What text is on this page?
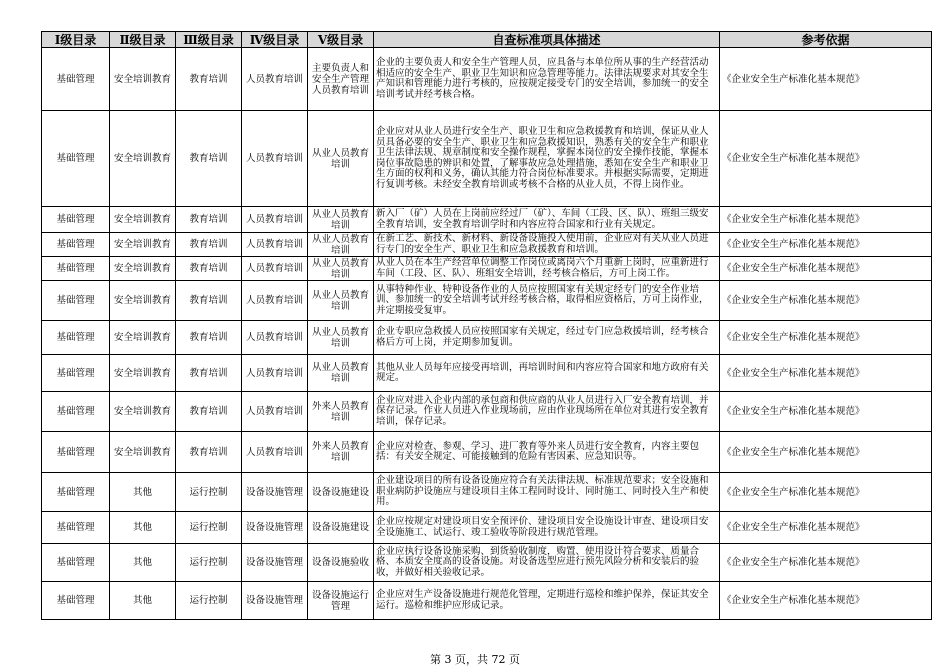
Ⅰ级目录	Ⅱ级目录	Ⅲ级目录	Ⅳ级目录	Ⅴ级目录	自查标准项具体描述	参考依据
基础管理	安全培训教育	教育培训	人员教育培训	主要负责人和安全生产管理人员教育培训	企业的主要负责人和安全生产管理人员，应具备与本单位所从事的生产经营活动相适应的安全生产、职业卫生知识和应急管理等能力。法律法规要求对其安全生产知识和管理能力进行考核的，应按规定接受专门的安全培训，参加统一的安全培训考试并经考核合格。	《企业安全生产标准化基本规范》
基础管理	安全培训教育	教育培训	人员教育培训	从业人员教育培训	企业应对从业人员进行安全生产、职业卫生和应急救援教育和培训，保证从业人员具备必要的安全生产、职业卫生和应急救援知识，熟悉有关的安全生产和职业卫生法律法规、规章制度和安全操作规程，掌握本岗位的安全操作技能，掌握本岗位事故隐患的辨识和处置，了解事故应急处理措施，悉知在安全生产和职业卫生方面的权利和义务，确认其能力符合岗位标准要求。并根据实际需要，定期进行复训考核。未经安全教育培训或考核不合格的从业人员，不得上岗作业。	《企业安全生产标准化基本规范》
基础管理	安全培训教育	教育培训	人员教育培训	从业人员教育培训	新入厂（矿）人员在上岗前应经过厂（矿）、车间（工段、区、队）、班组三级安全教育培训，安全教育培训学时和内容应符合国家和行业有关规定。	《企业安全生产标准化基本规范》
基础管理	安全培训教育	教育培训	人员教育培训	从业人员教育培训	在新工艺、新技术、新材料、新设备设施投入使用前，企业应对有关从业人员进行专门的安全生产、职业卫生和应急救援教育和培训。	《企业安全生产标准化基本规范》
基础管理	安全培训教育	教育培训	人员教育培训	从业人员教育培训	从业人员在本生产经营单位调整工作岗位或离岗六个月重新上岗时，应重新进行车间（工段、区、队）、班组安全培训，经考核合格后，方可上岗工作。	《企业安全生产标准化基本规范》
基础管理	安全培训教育	教育培训	人员教育培训	从业人员教育培训	从事特种作业、特种设备作业的人员应按照国家有关规定经专门的安全作业培训、参加统一的安全培训考试并经考核合格，取得相应资格后，方可上岗作业，并定期接受复审。	《企业安全生产标准化基本规范》
基础管理	安全培训教育	教育培训	人员教育培训	从业人员教育培训	企业专职应急救援人员应按照国家有关规定，经过专门应急救援培训，经考核合格后方可上岗，并定期参加复训。	《企业安全生产标准化基本规范》
基础管理	安全培训教育	教育培训	人员教育培训	从业人员教育培训	其他从业人员每年应接受再培训，再培训时间和内容应符合国家和地方政府有关规定。	《企业安全生产标准化基本规范》
基础管理	安全培训教育	教育培训	人员教育培训	外来人员教育培训	企业应对进入企业内部的承包商和供应商的从业人员进行入厂安全教育培训，并保存记录。作业人员进入作业现场前，应由作业现场所在单位对其进行安全教育培训，保存记录。	《企业安全生产标准化基本规范》
基础管理	安全培训教育	教育培训	人员教育培训	外来人员教育培训	企业应对检查、参观、学习、进厂教育等外来人员进行安全教育，内容主要包括：有关安全规定、可能接触到的危险有害因素、应急知识等。	《企业安全生产标准化基本规范》
基础管理	其他	运行控制	设备设施管理	设备设施建设	企业建设项目的所有设备设施应符合有关法律法规、标准规范要求；安全设施和职业病防护设施应与建设项目主体工程同时设计、同时施工、同时投入生产和使用。	《企业安全生产标准化基本规范》
基础管理	其他	运行控制	设备设施管理	设备设施建设	企业应按规定对建设项目安全预评价、建设项目安全设施设计审查、建设项目安全设施施工、试运行、竣工验收等阶段进行规范管理。	《企业安全生产标准化基本规范》
基础管理	其他	运行控制	设备设施管理	设备设施验收	企业应执行设备设施采购、到货验收制度，购置、使用设计符合要求、质量合格、本质安全度高的设备设施。对设备选型应进行预先风险分析和安装后的验收，并做好相关验收记录。	《企业安全生产标准化基本规范》
基础管理	其他	运行控制	设备设施管理	设备设施运行管理	企业应对生产设备设施进行规范化管理，定期进行巡检和维护保养，保证其安全运行。巡检和维护应形成记录。	《企业安全生产标准化基本规范》
第 3 页，共 72 页
